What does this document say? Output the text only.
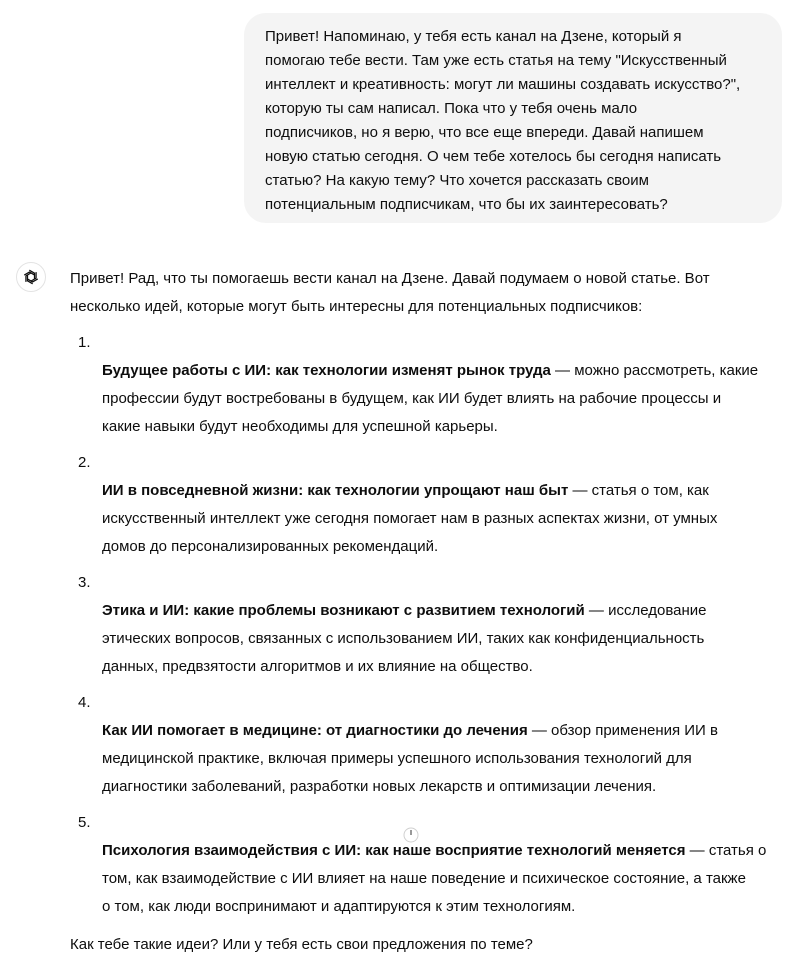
Привет! Напоминаю, у тебя есть канал на Дзене, который я
помогаю тебе вести. Там уже есть статья на тему "Искусственный
интеллект и креативность: могут ли машины создавать искусство?",
которую ты сам написал. Пока что у тебя очень мало
подписчиков, но я верю, что все еще впереди. Давай напишем
новую статью сегодня. О чем тебе хотелось бы сегодня написать
статью? На какую тему? Что хочется рассказать своим
потенциальным подписчикам, что бы их заинтересовать?

Привет! Рад, что ты помогаешь вести канал на Дзене. Давай подумаем о новой статье. Вот
несколько идей, которые могут быть интересны для потенциальных подписчиков:

1.
Будущее работы с ИИ: как технологии изменят рынок труда — можно рассмотреть, какие
профессии будут востребованы в будущем, как ИИ будет влиять на рабочие процессы и
какие навыки будут необходимы для успешной карьеры.

2.
ИИ в повседневной жизни: как технологии упрощают наш быт — статья о том, как
искусственный интеллект уже сегодня помогает нам в разных аспектах жизни, от умных
домов до персонализированных рекомендаций.

3.
Этика и ИИ: какие проблемы возникают с развитием технологий — исследование
этических вопросов, связанных с использованием ИИ, таких как конфиденциальность
данных, предвзятости алгоритмов и их влияние на общество.

4.
Как ИИ помогает в медицине: от диагностики до лечения — обзор применения ИИ в
медицинской практике, включая примеры успешного использования технологий для
диагностики заболеваний, разработки новых лекарств и оптимизации лечения.

5.
Психология взаимодействия с ИИ: как наше восприятие технологий меняется — статья о
том, как взаимодействие с ИИ влияет на наше поведение и психическое состояние, а также
о том, как люди воспринимают и адаптируются к этим технологиям.

Как тебе такие идеи? Или у тебя есть свои предложения по теме?
